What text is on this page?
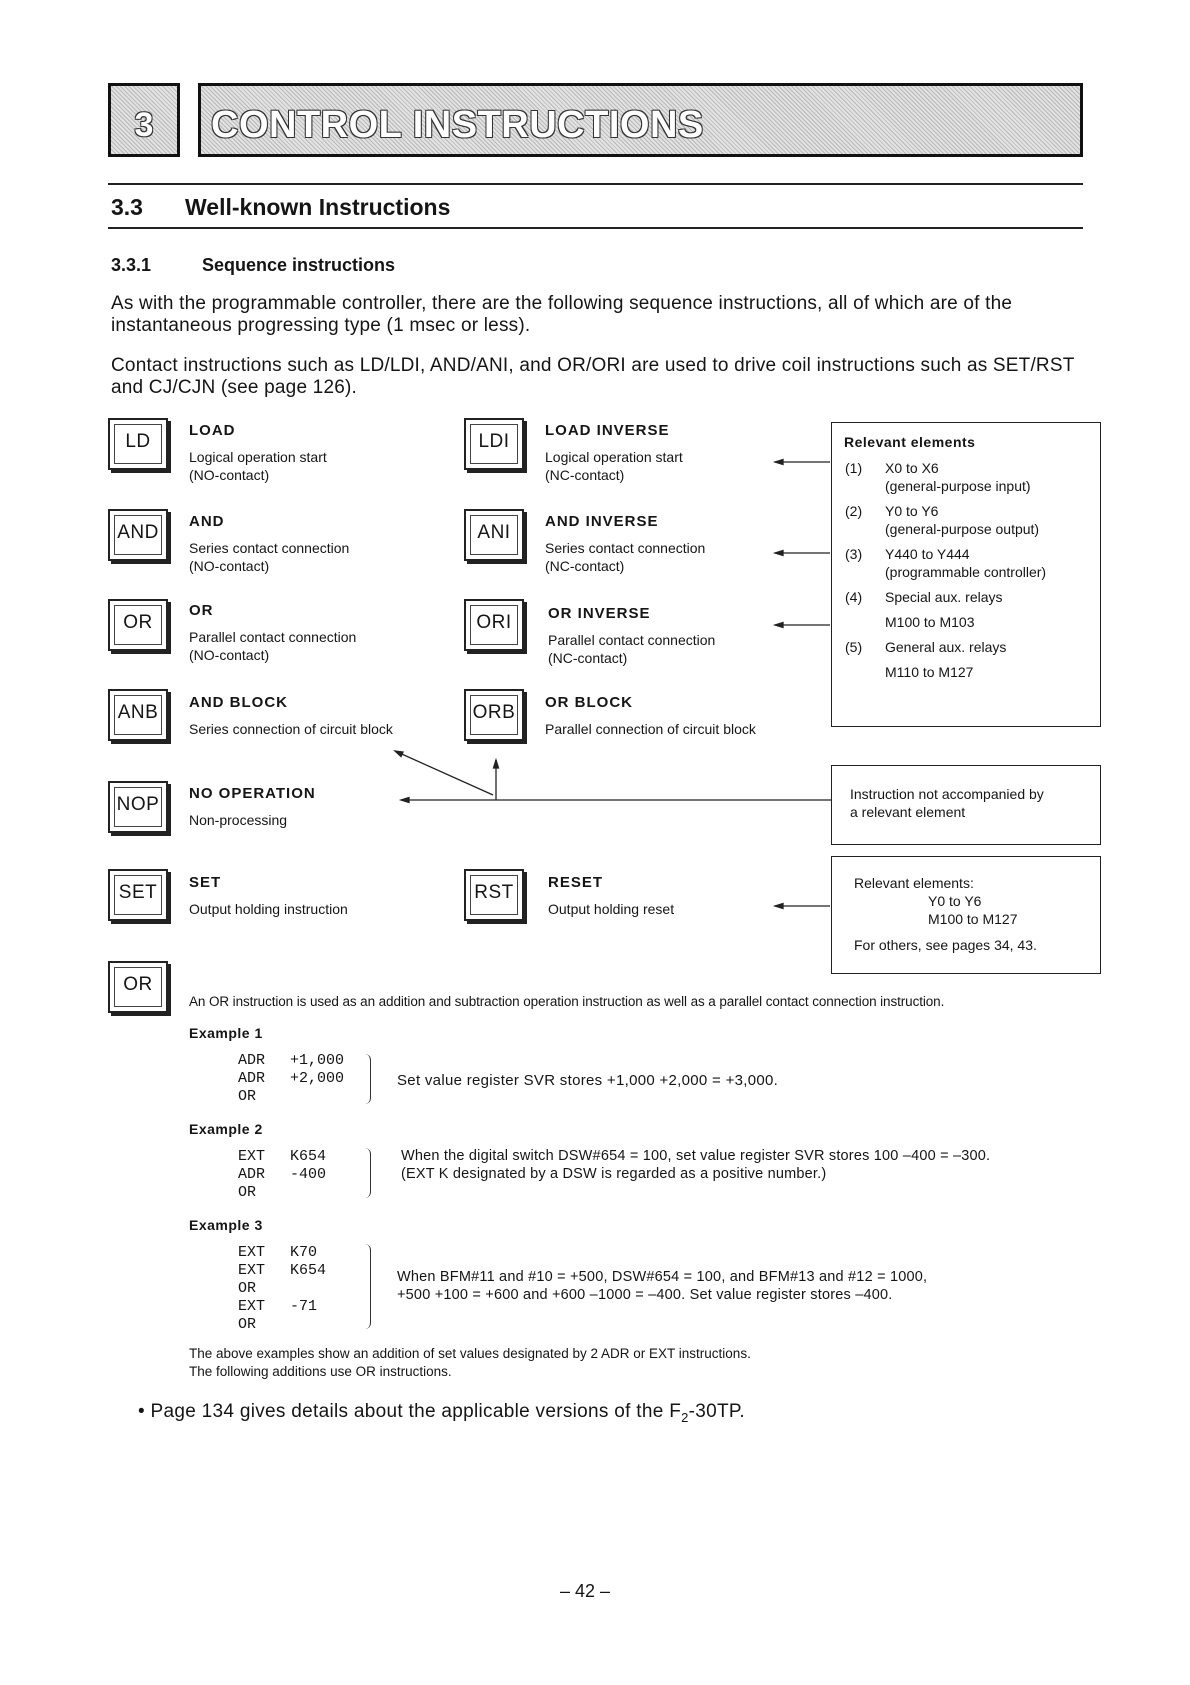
3	CONTROL INSTRUCTIONS
3.3 Well-known Instructions
3.3.1	Sequence instructions
As with the programmable controller, there are the following sequence instructions, all of which are of the instantaneous progressing type (1 msec or less).
Contact instructions such as LD/LDI, AND/ANI, and OR/ORI are used to drive coil instructions such as SET/RST and CJ/CJN (see page 126).
LD
LOAD
Logical operation start
(NO-contact)
LDI
LOAD INVERSE
Logical operation start
(NC-contact)
AND
AND
Series contact connection
(NO-contact)
ANI
AND INVERSE
Series contact connection
(NC-contact)
OR
OR
Parallel contact connection
(NO-contact)
ORI	OR INVERSE
Parallel contact connection
(NC-contact)
ANB	AND BLOCK
Series connection of circuit block
ORB	OR BLOCK
Parallel connection of circuit block
NOP
NO OPERATION
Non-processing
SET	SET
Output holding instruction
RST	RESET
Output holding reset
OR
Relevant elements
(1) X0 to X6
(general-purpose input)
(2) Y0 to Y6
(general-purpose output)
(3) Y440 to Y444
(programmable controller)
(4) Special aux. relays
M100 to M103
(5) General aux. relays
M110 to M127
Instruction not accompanied by
a relevant element
Relevant elements:
Y0 to Y6
M100 to M127
For others, see pages 34, 43.
An OR instruction is used as an addition and subtraction operation instruction as well as a parallel contact connection instruction.
Example 1
ADR +1,000
ADR +2,000
OR
Set value register SVR stores +1,000 +2,000 = +3,000.
Example 2
EXT K654
ADR -400
OR
When the digital switch DSW#654 = 100, set value register SVR stores 100 –400 = –300.
(EXT K designated by a DSW is regarded as a positive number.)
Example 3
EXT K70
EXT K654
OR
EXT -71
OR
When BFM#11 and #10 = +500, DSW#654 = 100, and BFM#13 and #12 = 1000,
+500 +100 = +600 and +600 –1000 = –400. Set value register stores –400.
The above examples show an addition of set values designated by 2 ADR or EXT instructions.
The following additions use OR instructions.
• Page 134 gives details about the applicable versions of the $F_2-30TP$.
– 42 –
